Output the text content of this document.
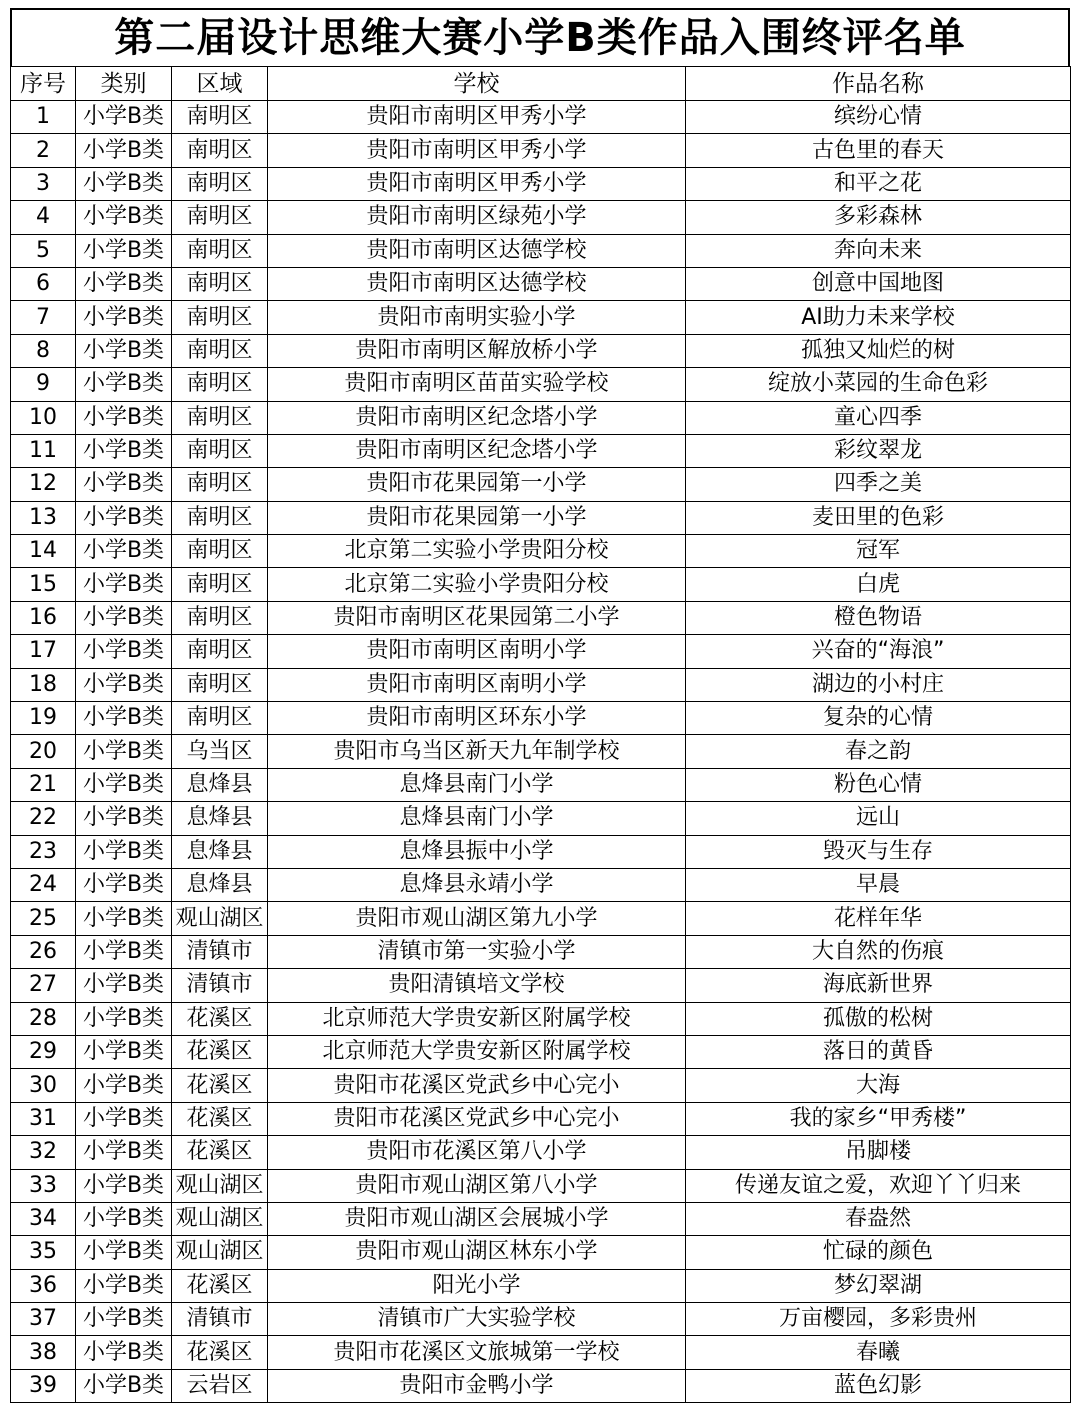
第二届设计思维大赛小学B类作品入围终评名单
序号	类别	区域	学校	作品名称
1	小学B类	南明区	贵阳市南明区甲秀小学	缤纷心情
2	小学B类	南明区	贵阳市南明区甲秀小学	古色里的春天
3	小学B类	南明区	贵阳市南明区甲秀小学	和平之花
4	小学B类	南明区	贵阳市南明区绿苑小学	多彩森林
5	小学B类	南明区	贵阳市南明区达德学校	奔向未来
6	小学B类	南明区	贵阳市南明区达德学校	创意中国地图
7	小学B类	南明区	贵阳市南明实验小学	AI助力未来学校
8	小学B类	南明区	贵阳市南明区解放桥小学	孤独又灿烂的树
9	小学B类	南明区	贵阳市南明区苗苗实验学校	绽放小菜园的生命色彩
10	小学B类	南明区	贵阳市南明区纪念塔小学	童心四季
11	小学B类	南明区	贵阳市南明区纪念塔小学	彩纹翠龙
12	小学B类	南明区	贵阳市花果园第一小学	四季之美
13	小学B类	南明区	贵阳市花果园第一小学	麦田里的色彩
14	小学B类	南明区	北京第二实验小学贵阳分校	冠军
15	小学B类	南明区	北京第二实验小学贵阳分校	白虎
16	小学B类	南明区	贵阳市南明区花果园第二小学	橙色物语
17	小学B类	南明区	贵阳市南明区南明小学	兴奋的“海浪”
18	小学B类	南明区	贵阳市南明区南明小学	湖边的小村庄
19	小学B类	南明区	贵阳市南明区环东小学	复杂的心情
20	小学B类	乌当区	贵阳市乌当区新天九年制学校	春之韵
21	小学B类	息烽县	息烽县南门小学	粉色心情
22	小学B类	息烽县	息烽县南门小学	远山
23	小学B类	息烽县	息烽县振中小学	毁灭与生存
24	小学B类	息烽县	息烽县永靖小学	早晨
25	小学B类	观山湖区	贵阳市观山湖区第九小学	花样年华
26	小学B类	清镇市	清镇市第一实验小学	大自然的伤痕
27	小学B类	清镇市	贵阳清镇培文学校	海底新世界
28	小学B类	花溪区	北京师范大学贵安新区附属学校	孤傲的松树
29	小学B类	花溪区	北京师范大学贵安新区附属学校	落日的黄昏
30	小学B类	花溪区	贵阳市花溪区党武乡中心完小	大海
31	小学B类	花溪区	贵阳市花溪区党武乡中心完小	我的家乡“甲秀楼”
32	小学B类	花溪区	贵阳市花溪区第八小学	吊脚楼
33	小学B类	观山湖区	贵阳市观山湖区第八小学	传递友谊之爱，欢迎丫丫归来
34	小学B类	观山湖区	贵阳市观山湖区会展城小学	春盎然
35	小学B类	观山湖区	贵阳市观山湖区林东小学	忙碌的颜色
36	小学B类	花溪区	阳光小学	梦幻翠湖
37	小学B类	清镇市	清镇市广大实验学校	万亩樱园，多彩贵州
38	小学B类	花溪区	贵阳市花溪区文旅城第一学校	春曦
39	小学B类	云岩区	贵阳市金鸭小学	蓝色幻影
